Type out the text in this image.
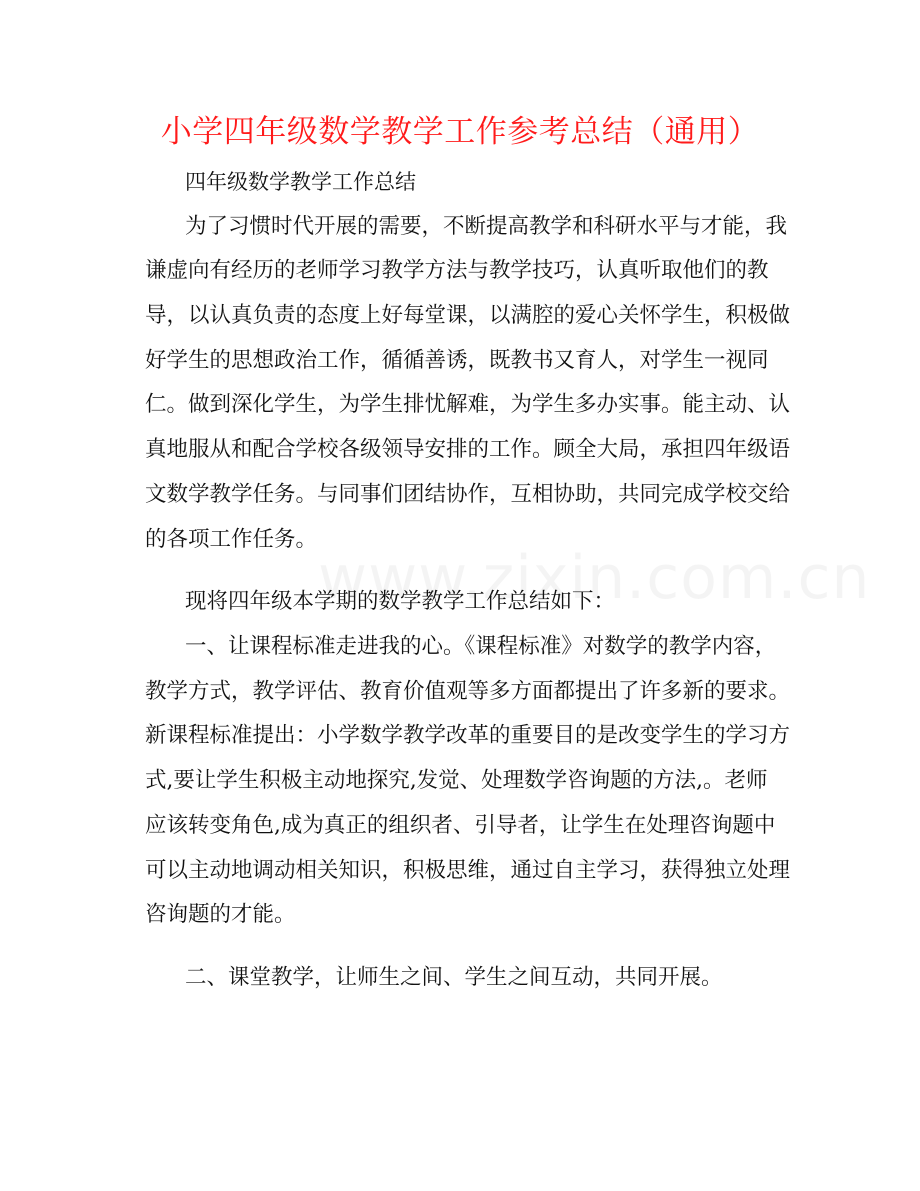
小学四年级数学教学工作参考总结（通用）
四年级数学教学工作总结
为了习惯时代开展的需要，不断提高教学和科研水平与才能，我
谦虚向有经历的老师学习教学方法与教学技巧，认真听取他们的教
导，以认真负责的态度上好每堂课，以满腔的爱心关怀学生，积极做
好学生的思想政治工作，循循善诱，既教书又育人，对学生一视同
仁。做到深化学生，为学生排忧解难，为学生多办实事。能主动、认
真地服从和配合学校各级领导安排的工作。顾全大局，承担四年级语
文数学教学任务。与同事们团结协作，互相协助，共同完成学校交给
的各项工作任务。
现将四年级本学期的数学教学工作总结如下：
一、让课程标准走进我的心。《课程标准》对数学的教学内容，
教学方式，教学评估、教育价值观等多方面都提出了许多新的要求。
新课程标准提出：小学数学教学改革的重要目的是改变学生的学习方
式,要让学生积极主动地探究,发觉、处理数学咨询题的方法,。老师
应该转变角色,成为真正的组织者、引导者，让学生在处理咨询题中
可以主动地调动相关知识，积极思维，通过自主学习，获得独立处理
咨询题的才能。
二、课堂教学，让师生之间、学生之间互动，共同开展。
